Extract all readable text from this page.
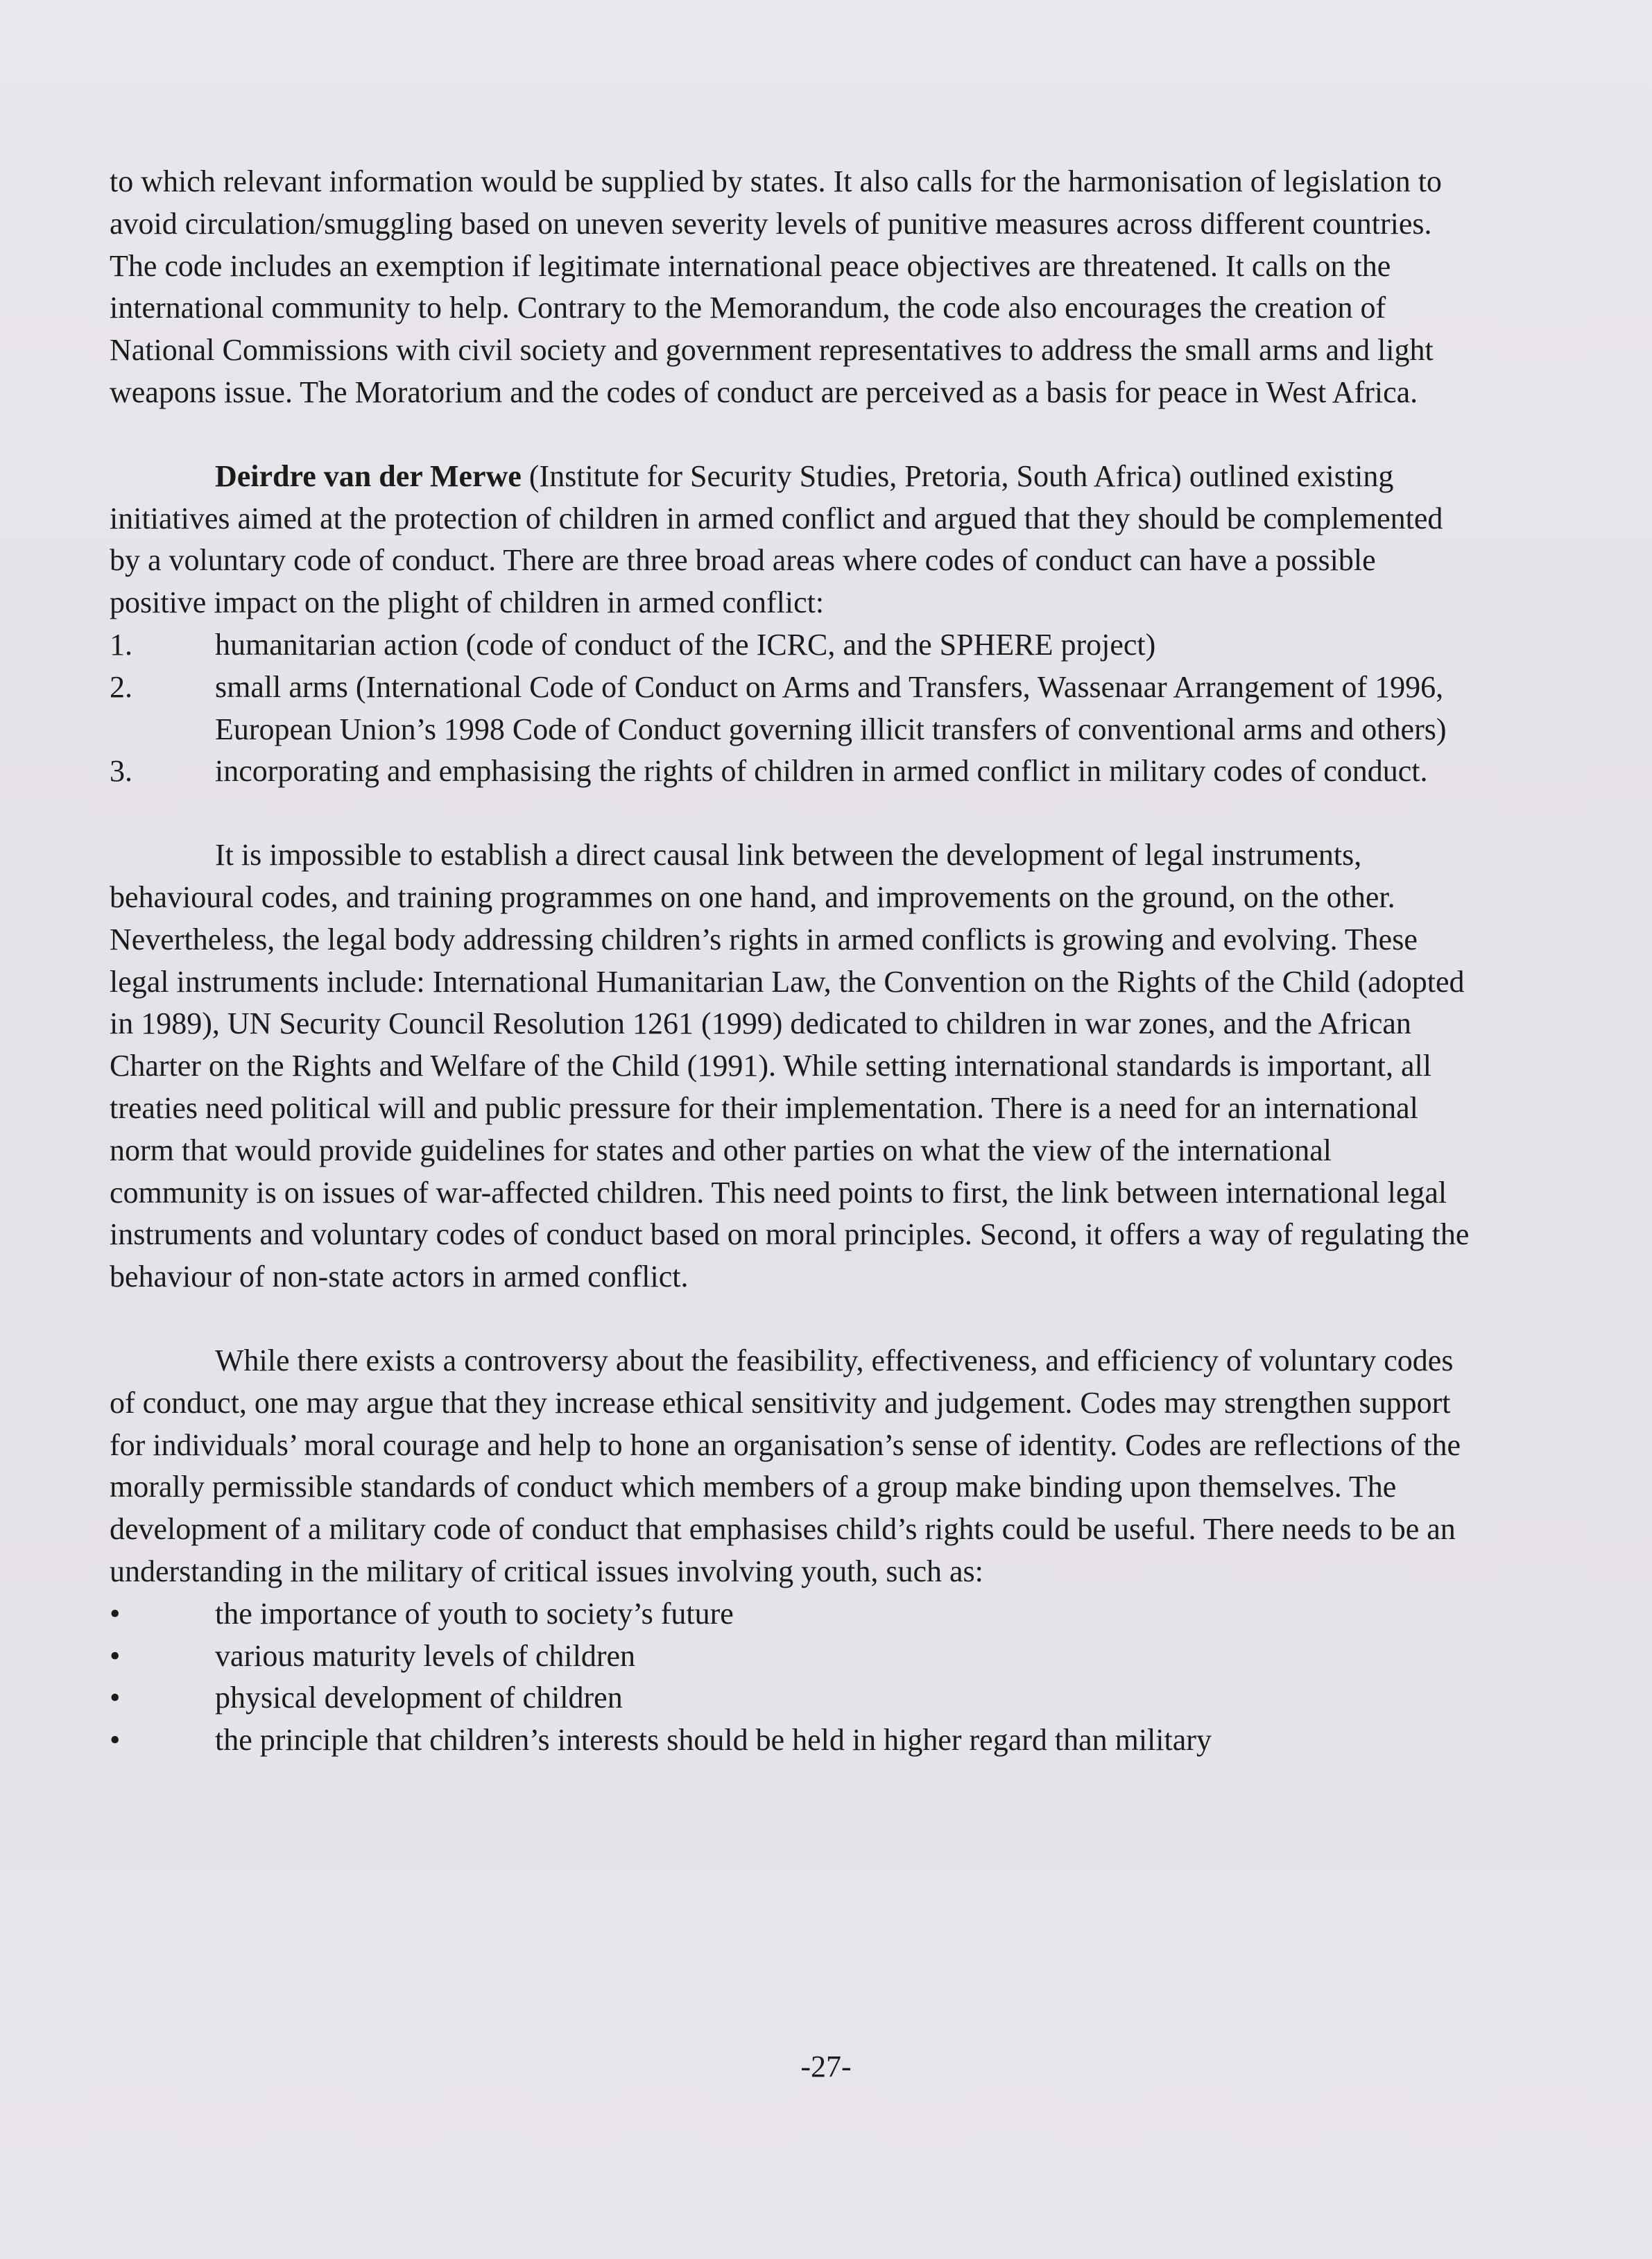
to which relevant information would be supplied by states. It also calls for the harmonisation of legislation to avoid circulation/smuggling based on uneven severity levels of punitive measures across different countries. The code includes an exemption if legitimate international peace objectives are threatened. It calls on the international community to help. Contrary to the Memorandum, the code also encourages the creation of National Commissions with civil society and government representatives to address the small arms and light weapons issue. The Moratorium and the codes of conduct are perceived as a basis for peace in West Africa.

Deirdre van der Merwe (Institute for Security Studies, Pretoria, South Africa) outlined existing initiatives aimed at the protection of children in armed conflict and argued that they should be complemented by a voluntary code of conduct. There are three broad areas where codes of conduct can have a possible positive impact on the plight of children in armed conflict:

1.	humanitarian action (code of conduct of the ICRC, and the SPHERE project)
2.	small arms (International Code of Conduct on Arms and Transfers, Wassenaar Arrangement of 1996, European Union’s 1998 Code of Conduct governing illicit transfers of conventional arms and others)
3.	incorporating and emphasising the rights of children in armed conflict in military codes of conduct.

It is impossible to establish a direct causal link between the development of legal instruments, behavioural codes, and training programmes on one hand, and improvements on the ground, on the other. Nevertheless, the legal body addressing children’s rights in armed conflicts is growing and evolving. These legal instruments include: International Humanitarian Law, the Convention on the Rights of the Child (adopted in 1989), UN Security Council Resolution 1261 (1999) dedicated to children in war zones, and the African Charter on the Rights and Welfare of the Child (1991). While setting international standards is important, all treaties need political will and public pressure for their implementation. There is a need for an international norm that would provide guidelines for states and other parties on what the view of the international community is on issues of war-affected children. This need points to first, the link between international legal instruments and voluntary codes of conduct based on moral principles. Second, it offers a way of regulating the behaviour of non-state actors in armed conflict.

While there exists a controversy about the feasibility, effectiveness, and efficiency of voluntary codes of conduct, one may argue that they increase ethical sensitivity and judgement. Codes may strengthen support for individuals’ moral courage and help to hone an organisation’s sense of identity. Codes are reflections of the morally permissible standards of conduct which members of a group make binding upon themselves. The development of a military code of conduct that emphasises child’s rights could be useful. There needs to be an understanding in the military of critical issues involving youth, such as:

•	the importance of youth to society’s future
•	various maturity levels of children
•	physical development of children
•	the principle that children’s interests should be held in higher regard than military
-27-
